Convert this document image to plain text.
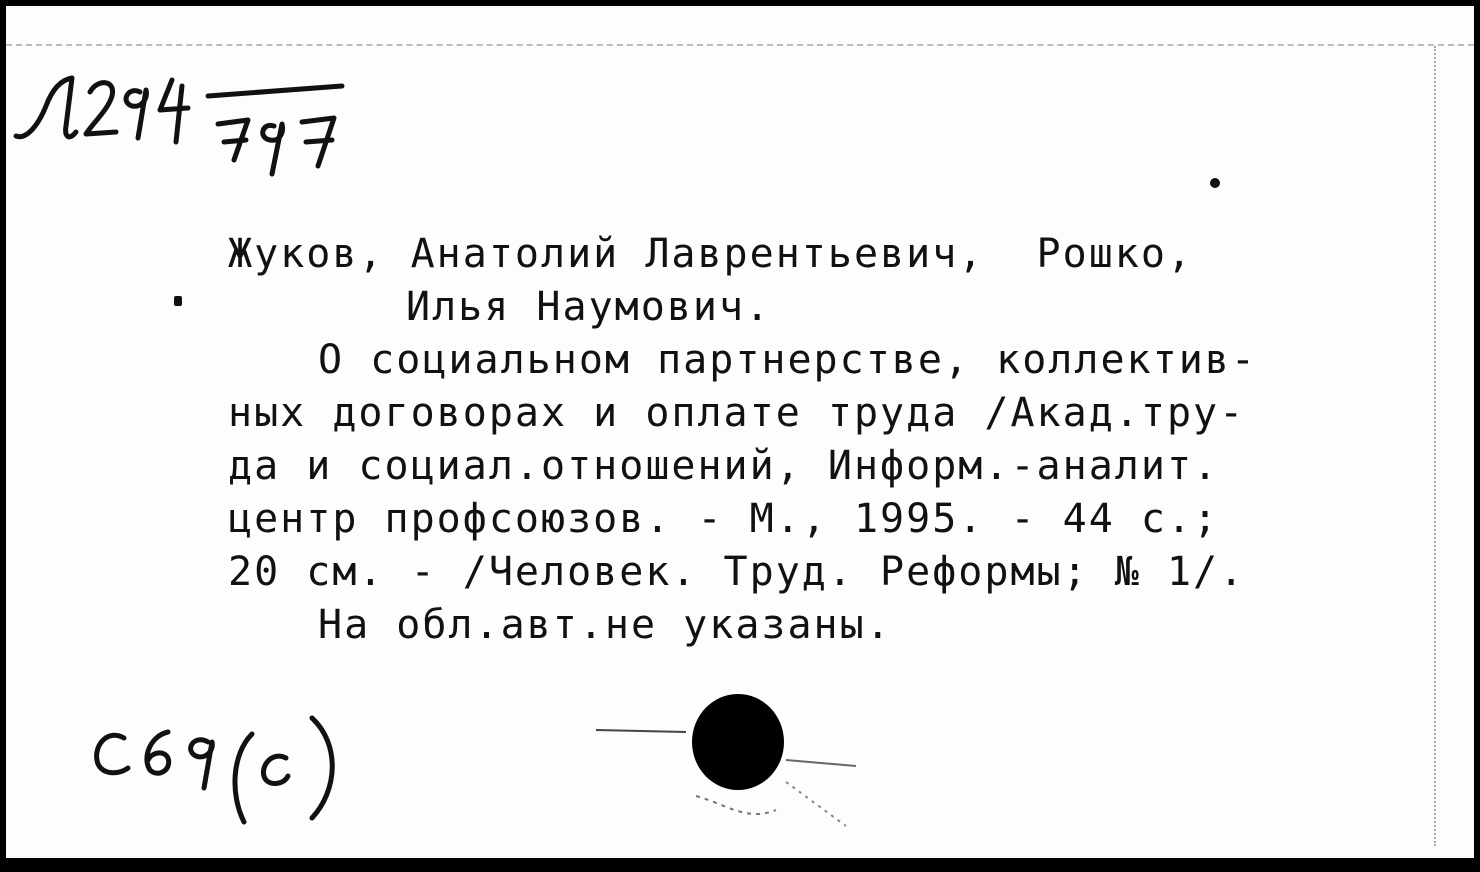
Жуков, Анатолий Лаврентьевич,  Рошко,
Илья Наумович.
О социальном партнерстве, коллектив-
ных договорах и оплате труда /Акад.тру-
да и социал.отношений, Информ.-аналит.
центр профсоюзов. - М., 1995. - 44 с.;
20 см. - /Человек. Труд. Реформы; № 1/.
На обл.авт.не указаны.
